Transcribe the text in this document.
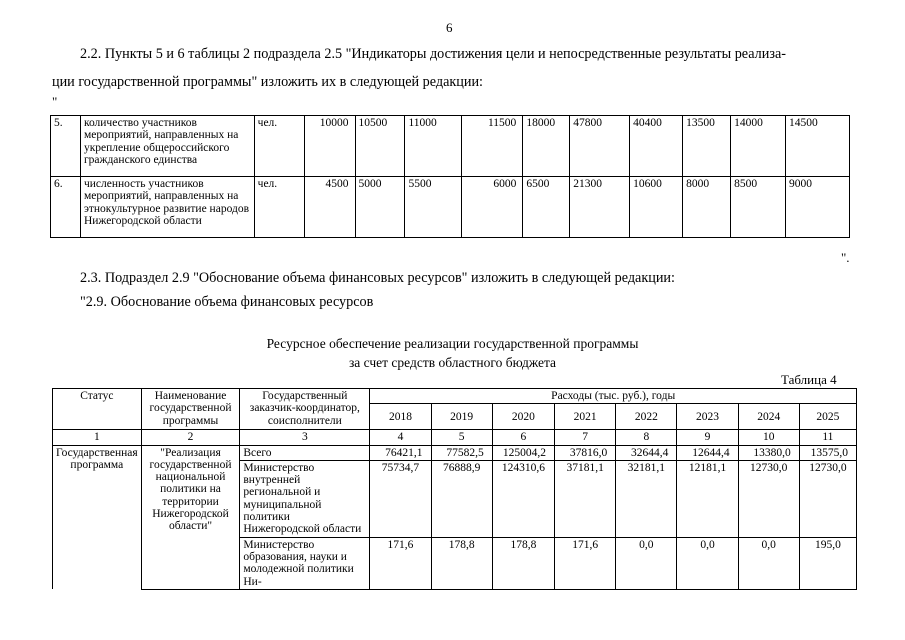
6
2.2. Пункты 5 и 6 таблицы 2 подраздела 2.5 "Индикаторы достижения цели и непосредственные результаты реализа-
ции государственной программы" изложить их в следующей редакции:
"
5.	количество участников мероприятий, направленных на укрепление общероссийского гражданского единства	чел.	10000	10500	11000	11500	18000	47800	40400	13500	14000	14500
6.	численность участников мероприятий, направленных на этнокультурное развитие народов Нижегородской области	чел.	4500	5000	5500	6000	6500	21300	10600	8000	8500	9000
".
2.3. Подраздел 2.9 "Обоснование объема финансовых ресурсов" изложить в следующей редакции:
"2.9. Обоснование объема финансовых ресурсов
Ресурсное обеспечение реализации государственной программы
за счет средств областного бюджета
Таблица 4
Статус	Наименование государственной программы	Государственный заказчик-координатор, соисполнители	Расходы (тыс. руб.), годы							
			2018	2019	2020	2021	2022	2023	2024	2025
1	2	3	4	5	6	7	8	9	10	11
Государственная программа	"Реализация государственной национальной политики на территории Нижегородской области"	Всего	76421,1	77582,5	125004,2	37816,0	32644,4	12644,4	13380,0	13575,0
		Министерство внутренней региональной и муниципальной политики Нижегородской области	75734,7	76888,9	124310,6	37181,1	32181,1	12181,1	12730,0	12730,0
		Министерство образования, науки и молодежной политики Ни-	171,6	178,8	178,8	171,6	0,0	0,0	0,0	195,0
